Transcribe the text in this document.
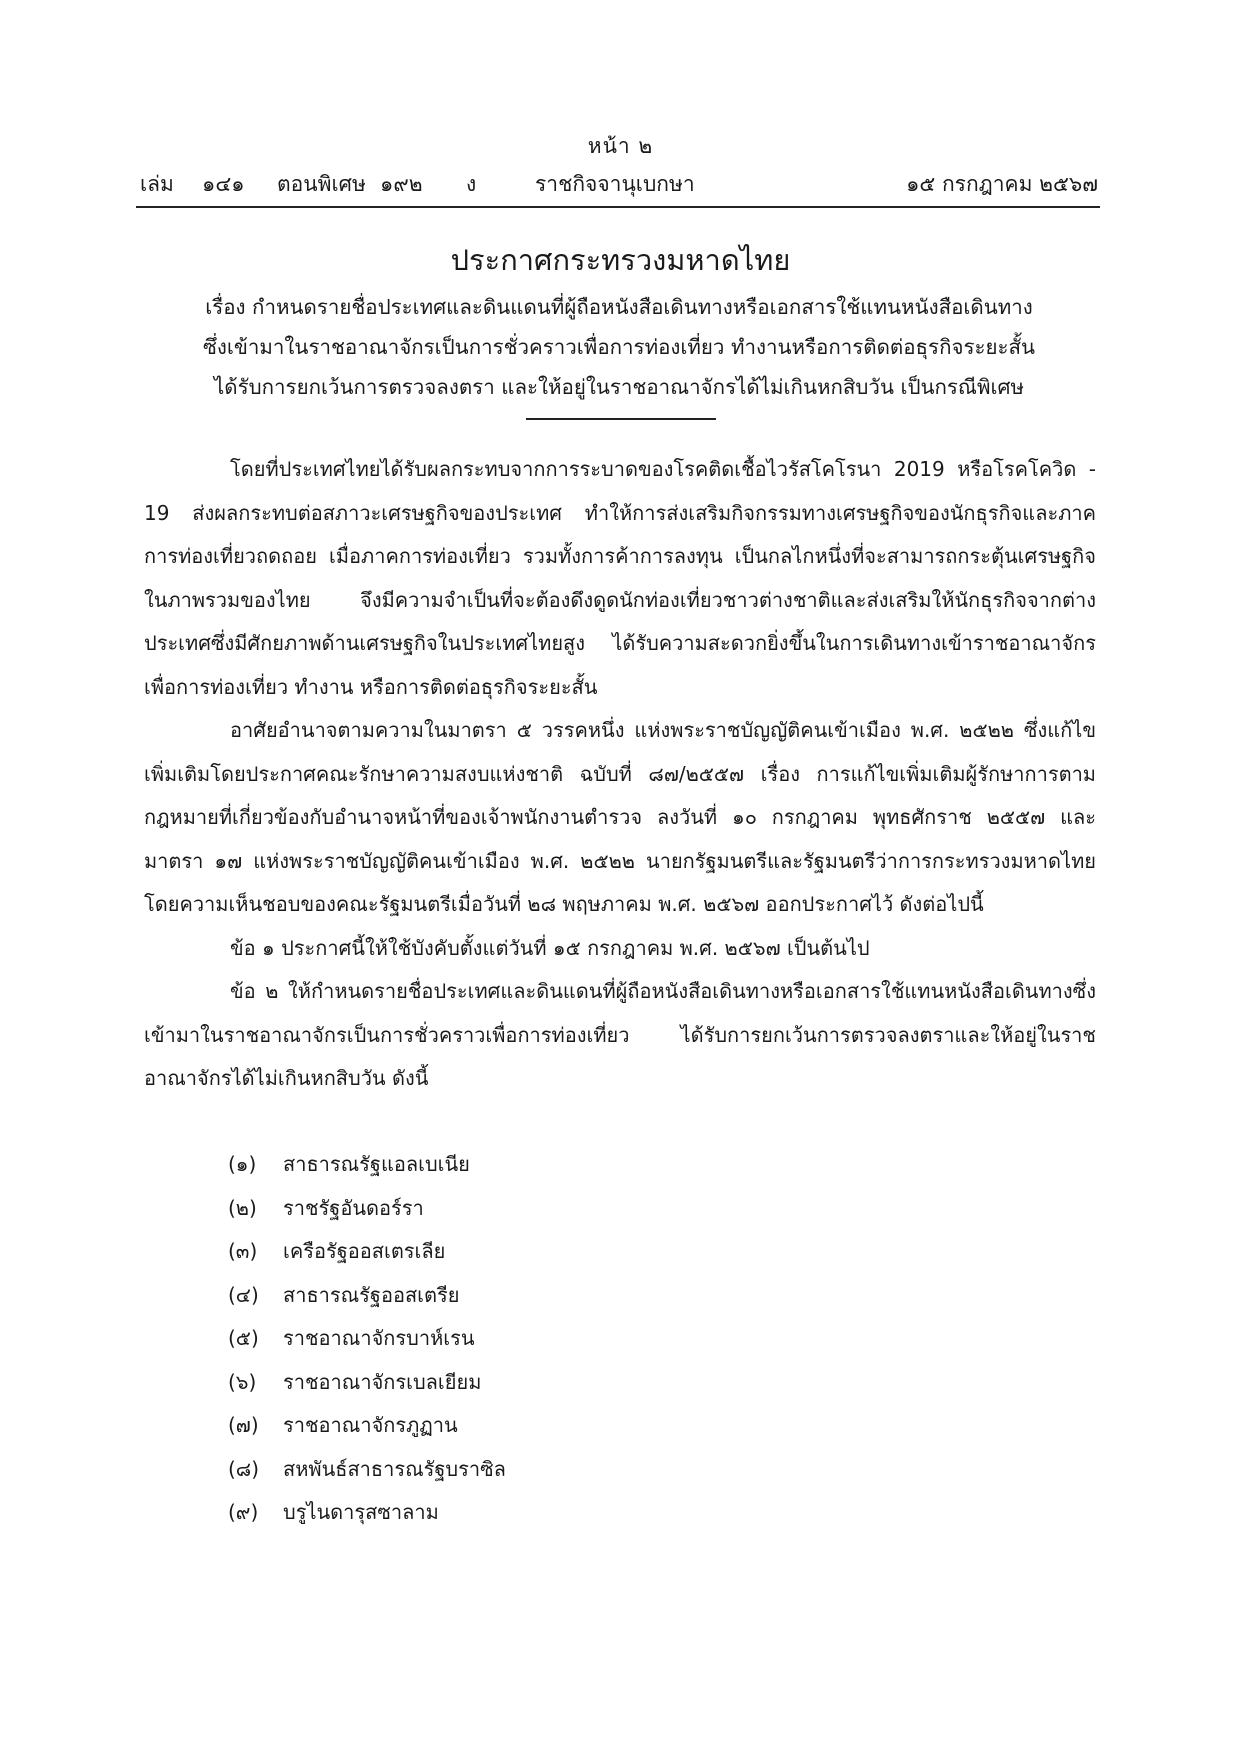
หน้า ๒
เล่ม ๑๔๑ ตอนพิเศษ ๑๙๒ ง	ราชกิจจานุเบกษา	๑๕ กรกฎาคม ๒๕๖๗
ประกาศกระทรวงมหาดไทย
เรื่อง กำหนดรายชื่อประเทศและดินแดนที่ผู้ถือหนังสือเดินทางหรือเอกสารใช้แทนหนังสือเดินทาง
ซึ่งเข้ามาในราชอาณาจักรเป็นการชั่วคราวเพื่อการท่องเที่ยว ทำงานหรือการติดต่อธุรกิจระยะสั้น
ได้รับการยกเว้นการตรวจลงตรา และให้อยู่ในราชอาณาจักรได้ไม่เกินหกสิบวัน เป็นกรณีพิเศษ

โดยที่ประเทศไทยได้รับผลกระทบจากการระบาดของโรคติดเชื้อไวรัสโคโรนา 2019 หรือโรคโควิด - 19 ส่งผลกระทบต่อสภาวะเศรษฐกิจของประเทศ ทำให้การส่งเสริมกิจกรรมทางเศรษฐกิจของนักธุรกิจและภาคการท่องเที่ยวถดถอย เมื่อภาคการท่องเที่ยว รวมทั้งการค้าการลงทุน เป็นกลไกหนึ่งที่จะสามารถกระตุ้นเศรษฐกิจในภาพรวมของไทย จึงมีความจำเป็นที่จะต้องดึงดูดนักท่องเที่ยวชาวต่างชาติและส่งเสริมให้นักธุรกิจจากต่างประเทศซึ่งมีศักยภาพด้านเศรษฐกิจในประเทศไทยสูง ได้รับความสะดวกยิ่งขึ้นในการเดินทางเข้าราชอาณาจักรเพื่อการท่องเที่ยว ทำงาน หรือการติดต่อธุรกิจระยะสั้น

อาศัยอำนาจตามความในมาตรา ๕ วรรคหนึ่ง แห่งพระราชบัญญัติคนเข้าเมือง พ.ศ. ๒๕๒๒ ซึ่งแก้ไขเพิ่มเติมโดยประกาศคณะรักษาความสงบแห่งชาติ ฉบับที่ ๘๗/๒๕๕๗ เรื่อง การแก้ไขเพิ่มเติมผู้รักษาการตามกฎหมายที่เกี่ยวข้องกับอำนาจหน้าที่ของเจ้าพนักงานตำรวจ ลงวันที่ ๑๐ กรกฎาคม พุทธศักราช ๒๕๕๗ และมาตรา ๑๗ แห่งพระราชบัญญัติคนเข้าเมือง พ.ศ. ๒๕๒๒ นายกรัฐมนตรีและรัฐมนตรีว่าการกระทรวงมหาดไทย โดยความเห็นชอบของคณะรัฐมนตรีเมื่อวันที่ ๒๘ พฤษภาคม พ.ศ. ๒๕๖๗ ออกประกาศไว้ ดังต่อไปนี้

ข้อ ๑ ประกาศนี้ให้ใช้บังคับตั้งแต่วันที่ ๑๕ กรกฎาคม พ.ศ. ๒๕๖๗ เป็นต้นไป

ข้อ ๒ ให้กำหนดรายชื่อประเทศและดินแดนที่ผู้ถือหนังสือเดินทางหรือเอกสารใช้แทนหนังสือเดินทางซึ่งเข้ามาในราชอาณาจักรเป็นการชั่วคราวเพื่อการท่องเที่ยว ได้รับการยกเว้นการตรวจลงตราและให้อยู่ในราชอาณาจักรได้ไม่เกินหกสิบวัน ดังนี้

(๑) สาธารณรัฐแอลเบเนีย
(๒) ราชรัฐอันดอร์รา
(๓) เครือรัฐออสเตรเลีย
(๔) สาธารณรัฐออสเตรีย
(๕) ราชอาณาจักรบาห์เรน
(๖) ราชอาณาจักรเบลเยียม
(๗) ราชอาณาจักรภูฏาน
(๘) สหพันธ์สาธารณรัฐบราซิล
(๙) บรูไนดารุสซาลาม
